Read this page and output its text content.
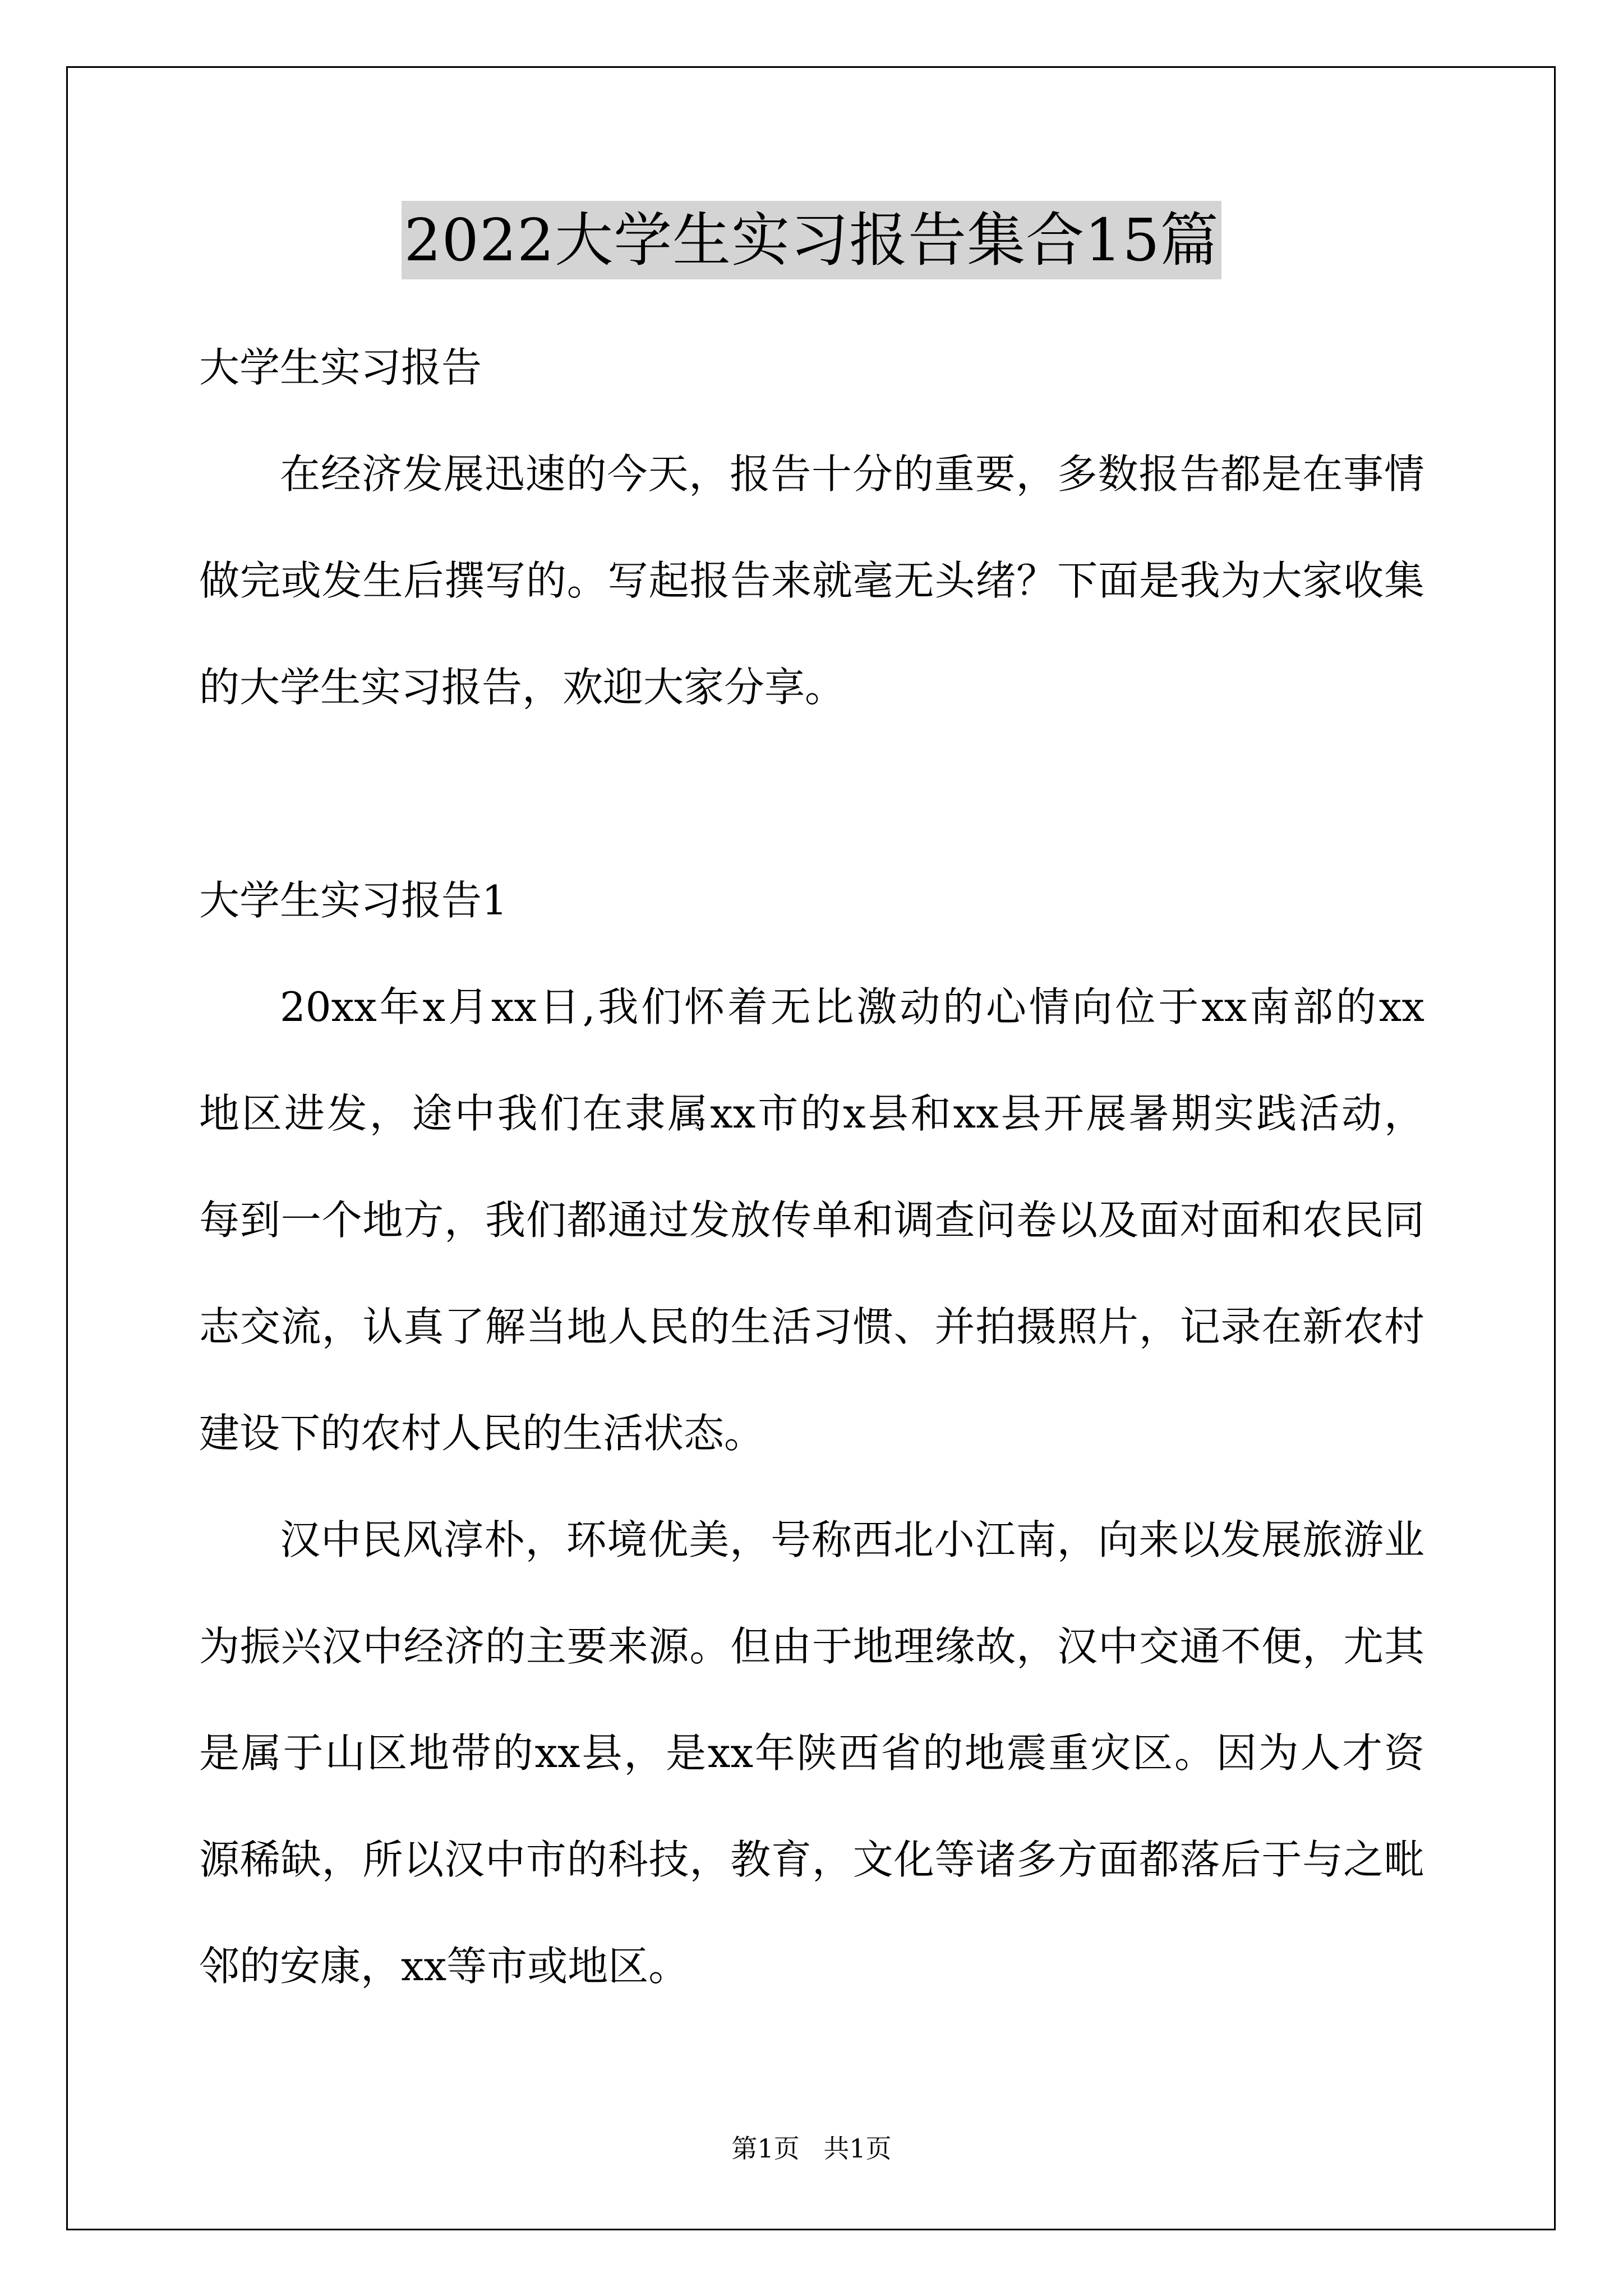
2022大学生实习报告集合15篇
大学生实习报告
在经济发展迅速的今天，报告十分的重要，多数报告都是在事情
做完或发生后撰写的。写起报告来就毫无头绪？下面是我为大家收集
的大学生实习报告，欢迎大家分享。
大学生实习报告1
20xx年x月xx日,我们怀着无比激动的心情向位于xx南部的xx
地区进发，途中我们在隶属xx市的x县和xx县开展暑期实践活动，
每到一个地方，我们都通过发放传单和调查问卷以及面对面和农民同
志交流，认真了解当地人民的生活习惯、并拍摄照片，记录在新农村
建设下的农村人民的生活状态。
汉中民风淳朴，环境优美，号称西北小江南，向来以发展旅游业
为振兴汉中经济的主要来源。但由于地理缘故，汉中交通不便，尤其
是属于山区地带的xx县，是xx年陕西省的地震重灾区。因为人才资
源稀缺，所以汉中市的科技，教育，文化等诸多方面都落后于与之毗
邻的安康，xx等市或地区。
第1页 共1页
